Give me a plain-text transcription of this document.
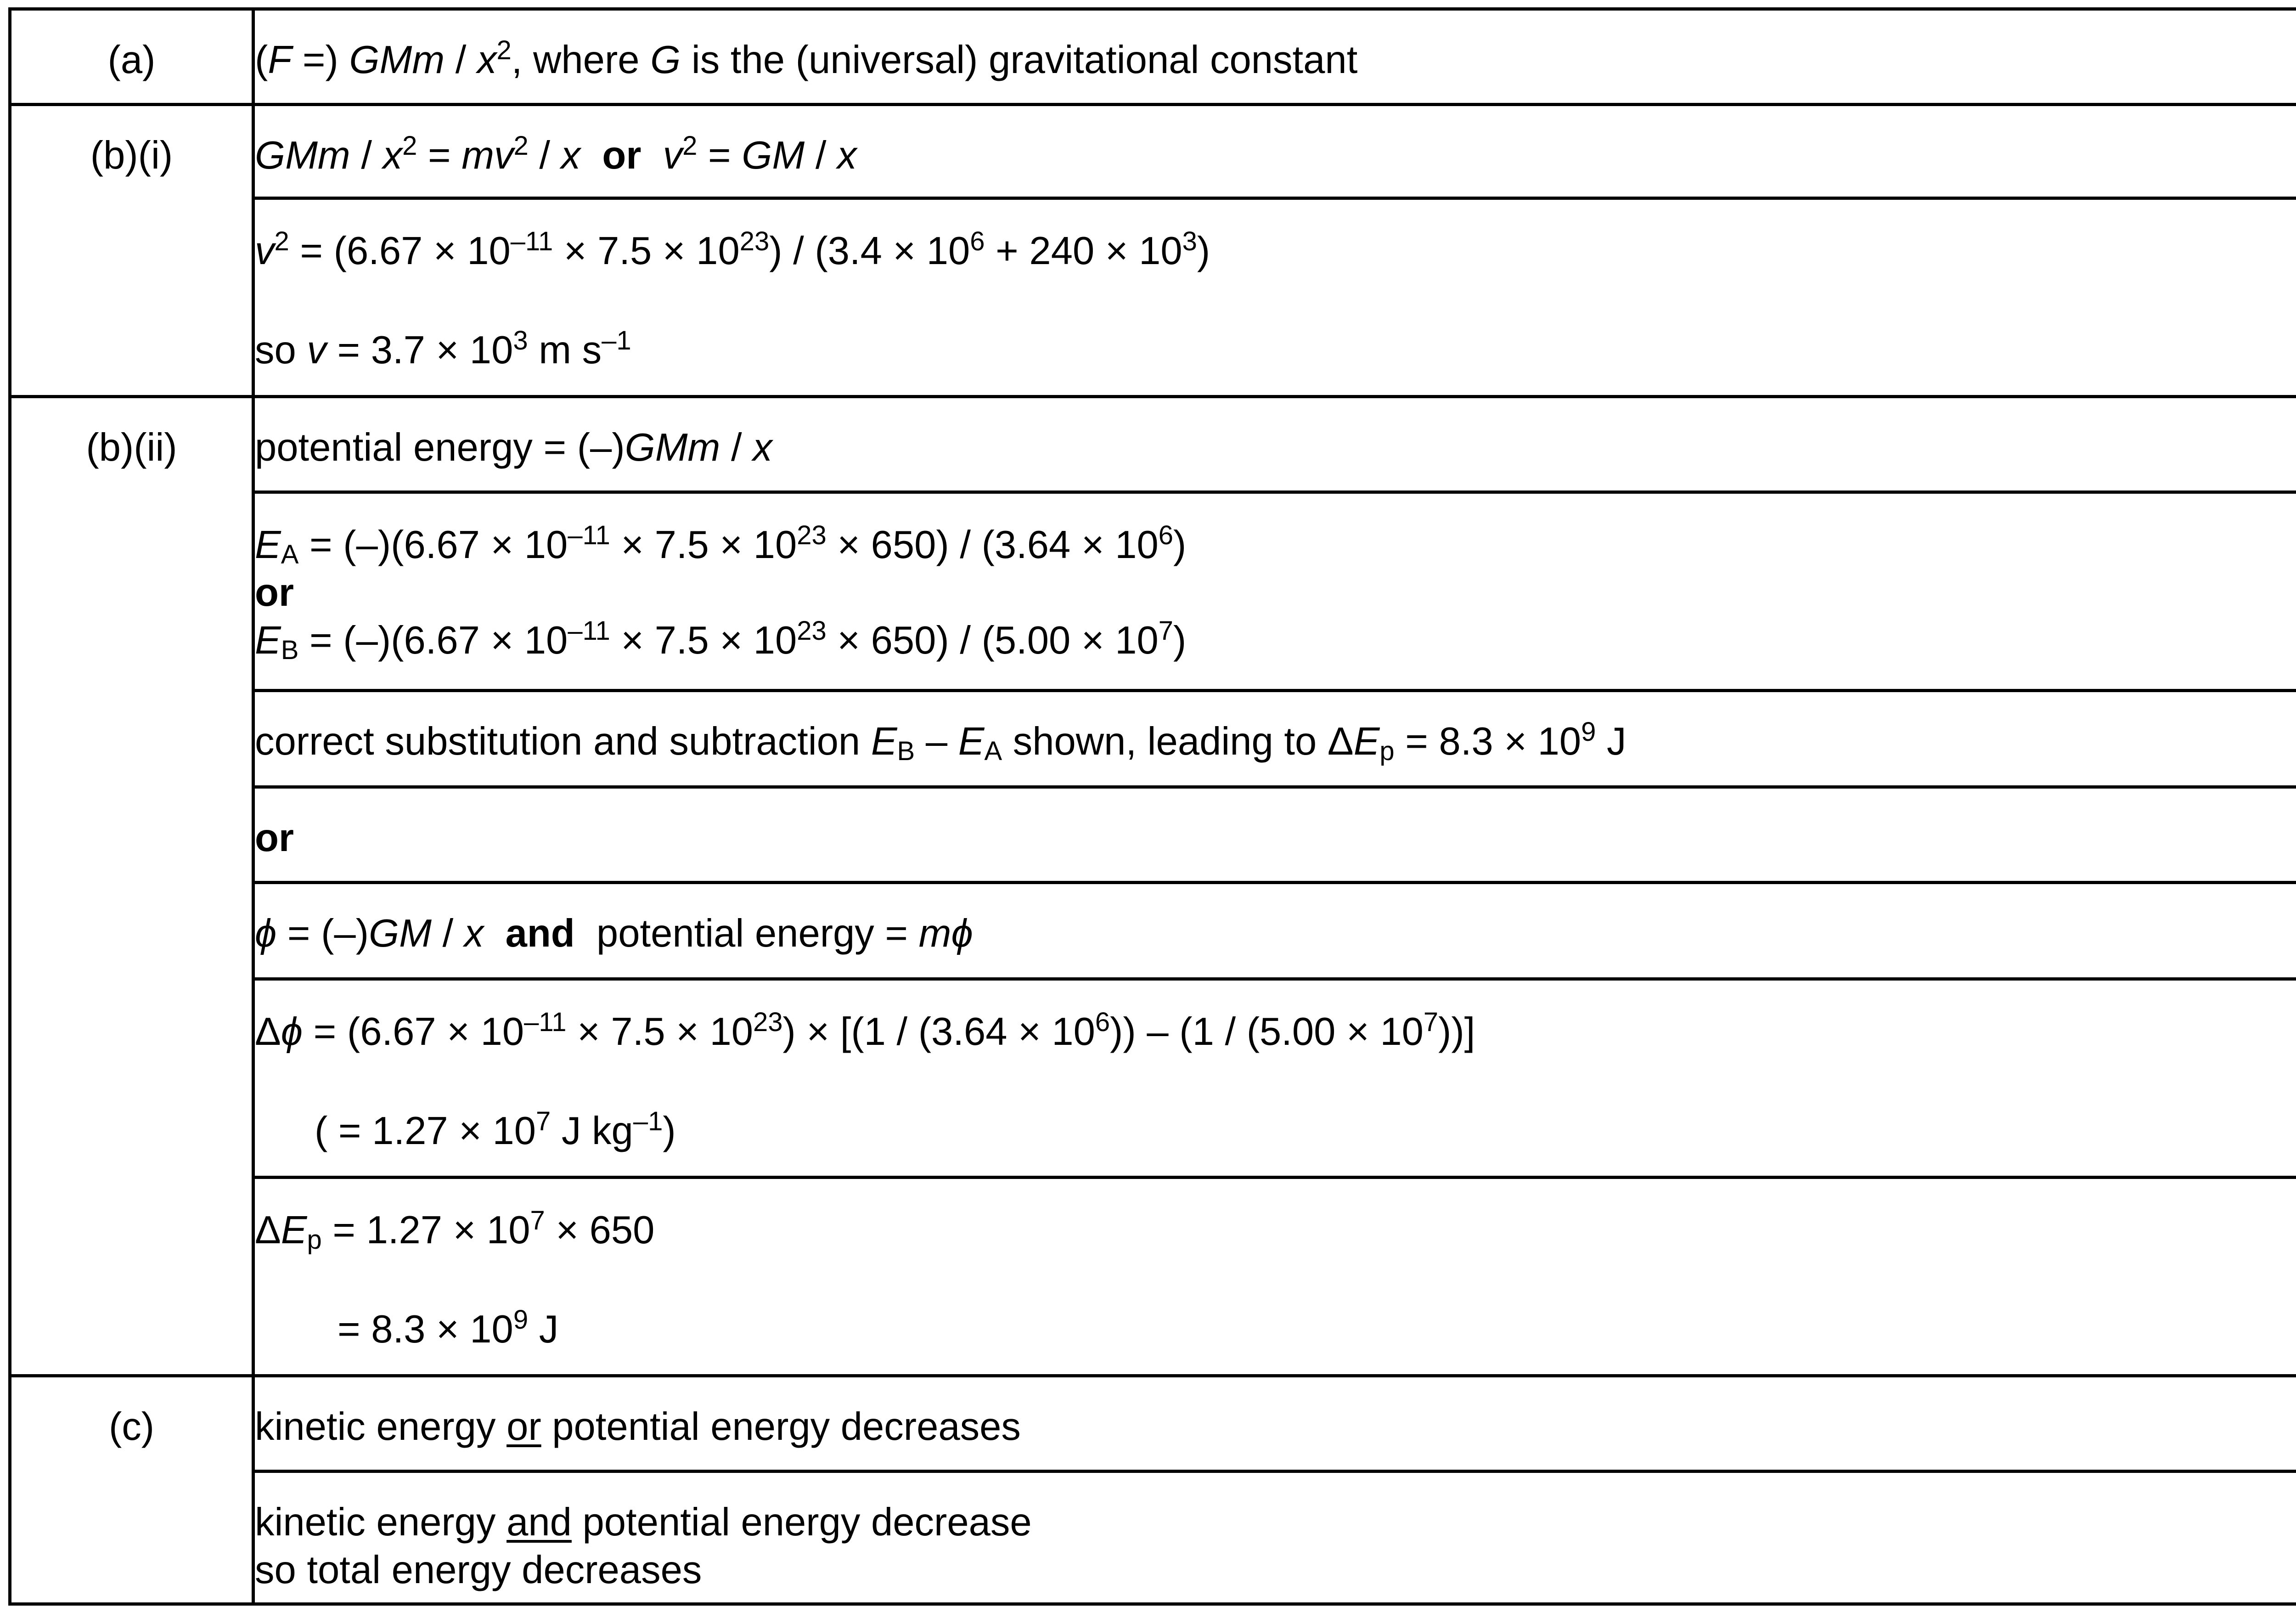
(a)	(F =) GMm / $x^2$, where G is the (universal) gravitational constant

(b)(i)	GMm / $x^2 = mv^2 / x$ or $v^2$ = GM / x

	$v^2 = (6.67 \times 10^{-11} \times 7.5 \times 10^{23}) / (3.4 \times 10^6 + 240 \times 10^3)$
so $v = 3.7 \times 10^3$ m $s^{-1}$

(b)(ii)	potential energy = (–)GMm / x

	$E_A = (-)(6.67 \times 10^{-11} \times 7.5 \times 10^{23} \times 650) / (3.64 \times 10^6)$
or
$E_B = (-)(6.67 \times 10^{-11} \times 7.5 \times 10^{23} \times 650) / (5.00 \times 10^7)$

	correct substitution and subtraction $E_B - E_A$ shown, leading to $\Delta E_p = 8.3 \times 10^9$ J

	or	

	ϕ = (–)GM / x and potential energy = mϕ

	$\Delta\phi = (6.67 \times 10^{-11} \times 7.5 \times 10^{23}) \times [(1 / (3.64 \times 10^6)) - (1 / (5.00 \times 10^7))]$
( = $1.27 \times 10^7$ J $kg^{-1}$)

	$\Delta E_p = 1.27 \times 10^7 \times 650$
= $8.3 \times 10^9$ J

(c)	kinetic energy or potential energy decreases

	kinetic energy and potential energy decrease
so total energy decreases
